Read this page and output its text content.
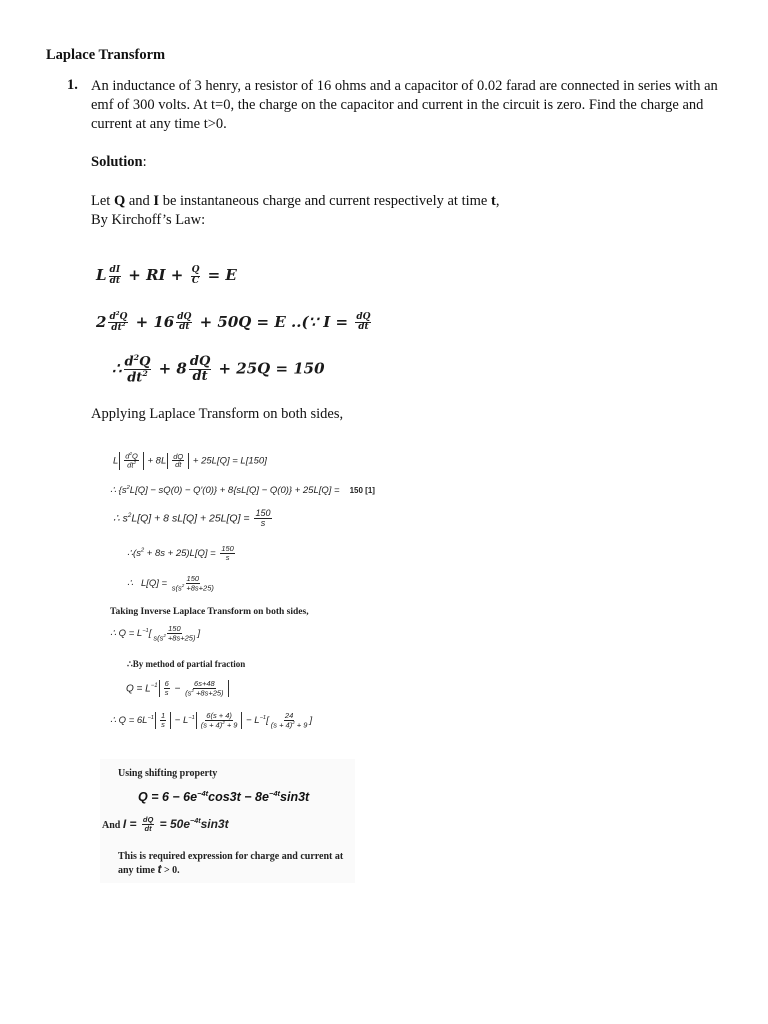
Laplace Transform
1. An inductance of 3 henry, a resistor of 16 ohms and a capacitor of 0.02 farad are connected in series with an emf of 300 volts. At t=0, the charge on the capacitor and current in the circuit is zero. Find the charge and current at any time t>0.
Solution:
Let Q and I be instantaneous charge and current respectively at time t,
By Kirchoff’s Law:
L $\frac{dI}{dt}$ + RI + $\frac{Q}{C} = E$
$2 \frac{d^2Q}{dt^2} + 16 \frac{dQ}{dt} + 50Q = E$ ..(∵ $I = \frac{dQ}{dt}$
∴ $\frac{d^2Q}{dt^2} + 8 \frac{dQ}{dt} + 25Q = 150$
Applying Laplace Transform on both sides,
L $\frac{d^2Q}{dt^2} + 8L \frac{dQ}{dt} + 25L[Q] = L[150]$
∴ $\{s^2L[Q] - sQ(0) - Q'(0)\} + 8\{sL[Q] - Q(0)\} + 25L[Q] = 150$ [1]
∴ $s^2L[Q] + 8$ $sL[Q] + 25L[Q] = \frac{150}{s}$
$\therefore(s^2 + 8s + 25)L[Q] = \frac{150}{s}$
∴   $L[Q] = \frac{150}{s(s^2 +8s+25)}$
Taking Inverse Laplace Transform on both sides,
∴ $Q = L^{-1}[ \frac{150}{s(s^2 +8s+25)}$ ]
∴By method of partial fraction
$Q = L^{-1} \frac{6}{s} - \frac{6s+48}{(s^2 +8s+25)}$
∴ $Q = 6L^{-1} \frac{1}{s} - L^{-1} \frac{6(s + 4)}{(s + 4)^2 + 9} - L^{-1}[ \frac{24}{(s + 4)^2 + 9}$ ]
Using shifting property
$Q = 6 - 6e^{-4t}\cos 3t - 8e^{-4t}\sin 3t$
And $I = \frac{dQ}{dt} = 50e^{-4t}\sin 3t$
This is required expression for charge and current at any time t > 0.
